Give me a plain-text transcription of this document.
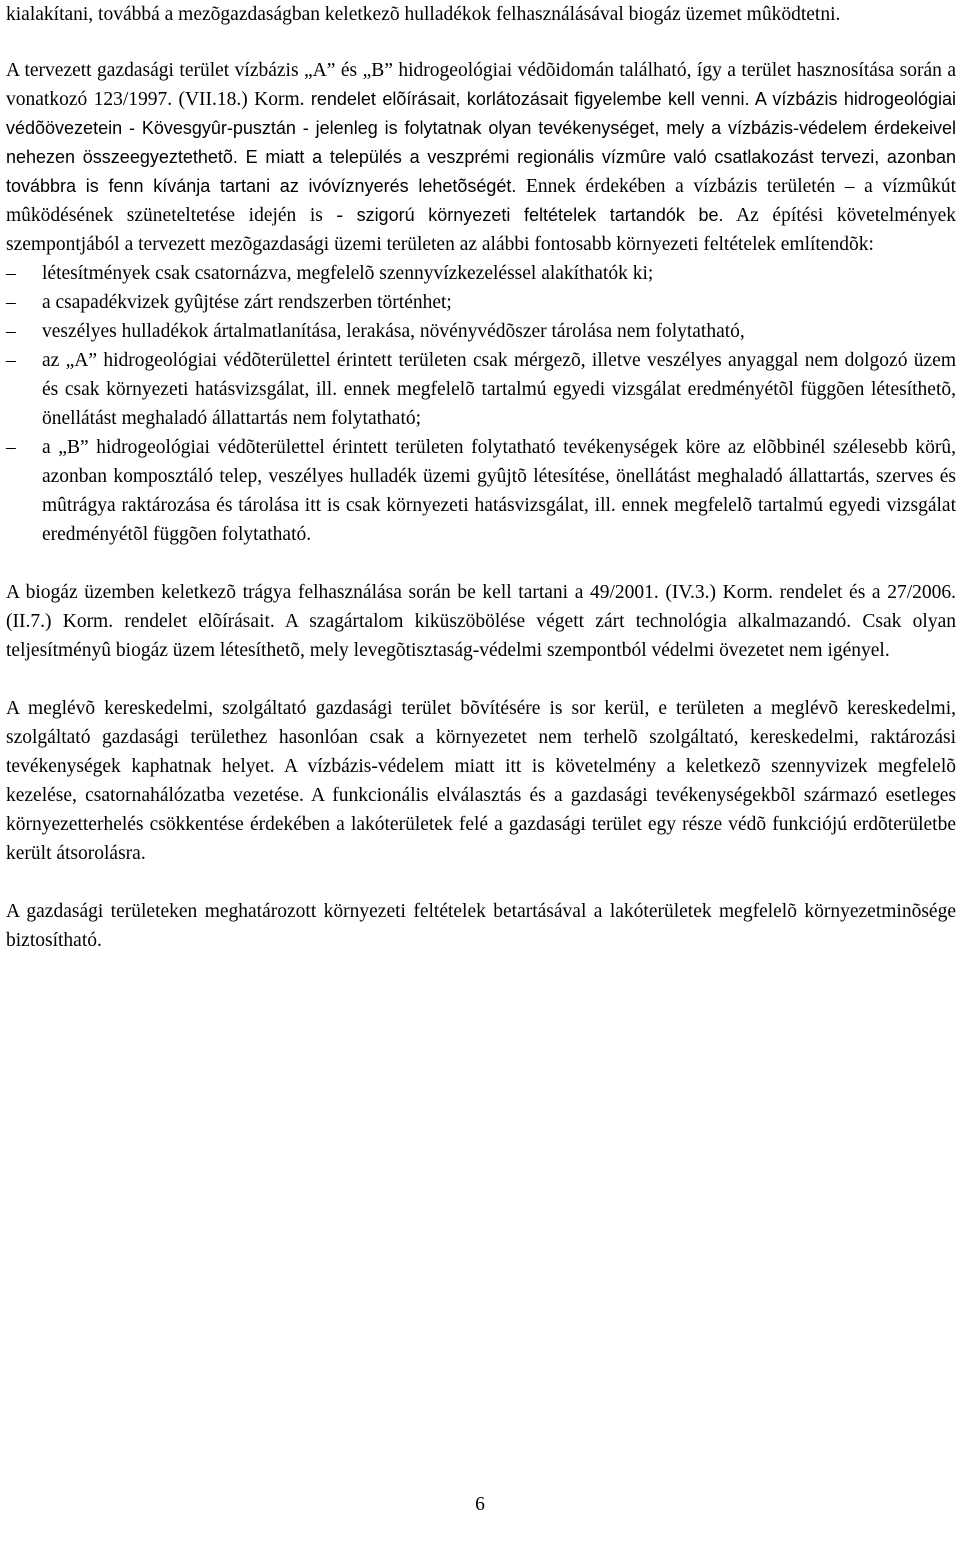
kialakítani, továbbá a mezõgazdaságban keletkezõ hulladékok felhasználásával biogáz üzemet mûködtetni.

A tervezett gazdasági terület vízbázis „A” és „B” hidrogeológiai védõidomán található, így a terület hasznosítása során a vonatkozó 123/1997. (VII.18.) Korm. rendelet elõírásait, korlátozásait figyelembe kell venni. A vízbázis hidrogeológiai védõövezetein - Kövesgyûr-pusztán - jelenleg is folytatnak olyan tevékenységet, mely a vízbázis-védelem érdekeivel nehezen összeegyeztethetõ. E miatt a település a veszprémi regionális vízmûre való csatlakozást tervezi, azonban továbbra is fenn kívánja tartani az ivóvíznyerés lehetõségét. Ennek érdekében a vízbázis területén – a vízmûkút mûködésének szüneteltetése idején is - szigorú környezeti feltételek tartandók be. Az építési követelmények szempontjából a tervezett mezõgazdasági üzemi területen az alábbi fontosabb környezeti feltételek említendõk:

–	létesítmények csak csatornázva, megfelelõ szennyvízkezeléssel alakíthatók ki;
–	a csapadékvizek gyûjtése zárt rendszerben történhet;
–	veszélyes hulladékok ártalmatlanítása, lerakása, növényvédõszer tárolása nem folytatható,
–	az „A” hidrogeológiai védõterülettel érintett területen csak mérgezõ, illetve veszélyes anyaggal nem dolgozó üzem és csak környezeti hatásvizsgálat, ill. ennek megfelelõ tartalmú egyedi vizsgálat eredményétõl függõen létesíthetõ, önellátást meghaladó állattartás nem folytatható;
–	a „B” hidrogeológiai védõterülettel érintett területen folytatható tevékenységek köre az elõbbinél szélesebb körû, azonban komposztáló telep, veszélyes hulladék üzemi gyûjtõ létesítése, önellátást meghaladó állattartás, szerves és mûtrágya raktározása és tárolása itt is csak környezeti hatásvizsgálat, ill. ennek megfelelõ tartalmú egyedi vizsgálat eredményétõl függõen folytatható.

A biogáz üzemben keletkezõ trágya felhasználása során be kell tartani a 49/2001. (IV.3.) Korm. rendelet és a 27/2006. (II.7.) Korm. rendelet elõírásait. A szagártalom kiküszöbölése végett zárt technológia alkalmazandó. Csak olyan teljesítményû biogáz üzem létesíthetõ, mely levegõtisztaság-védelmi szempontból védelmi övezetet nem igényel.

A meglévõ kereskedelmi, szolgáltató gazdasági terület bõvítésére is sor kerül, e területen a meglévõ kereskedelmi, szolgáltató gazdasági területhez hasonlóan csak a környezetet nem terhelõ szolgáltató, kereskedelmi, raktározási tevékenységek kaphatnak helyet. A vízbázis-védelem miatt itt is követelmény a keletkezõ szennyvizek megfelelõ kezelése, csatornahálózatba vezetése. A funkcionális elválasztás és a gazdasági tevékenységekbõl származó esetleges környezetterhelés csökkentése érdekében a lakóterületek felé a gazdasági terület egy része védõ funkciójú erdõterületbe került átsorolásra.

A gazdasági területeken meghatározott környezeti feltételek betartásával a lakóterületek megfelelõ környezetminõsége biztosítható.

6
